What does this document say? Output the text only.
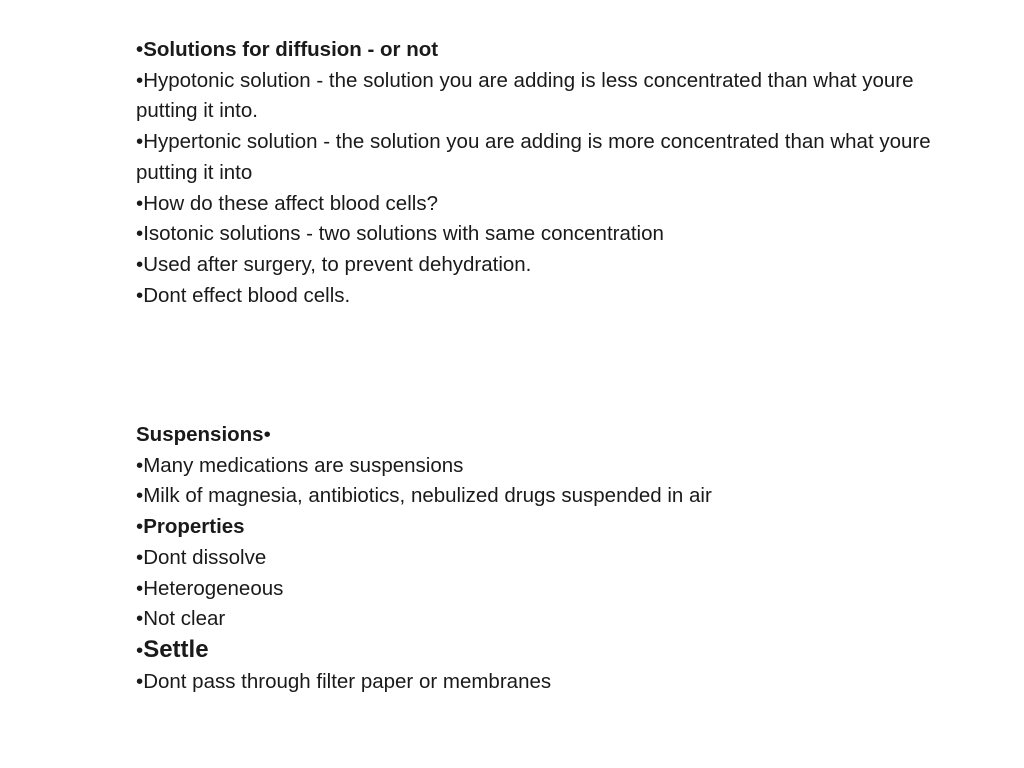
•Solutions for diffusion - or not
•Hypotonic solution - the solution you are adding is less concentrated than what youre putting it into.
•Hypertonic solution - the solution you are adding is more concentrated than what youre putting it into
•How do these affect blood cells?
•Isotonic solutions - two solutions with same concentration
•Used after surgery, to prevent dehydration.
•Dont effect blood cells.
Suspensions•
•Many medications are suspensions
•Milk of magnesia, antibiotics, nebulized drugs suspended in air
•Properties
•Dont dissolve
•Heterogeneous
•Not clear
•Settle
•Dont pass through filter paper or membranes
